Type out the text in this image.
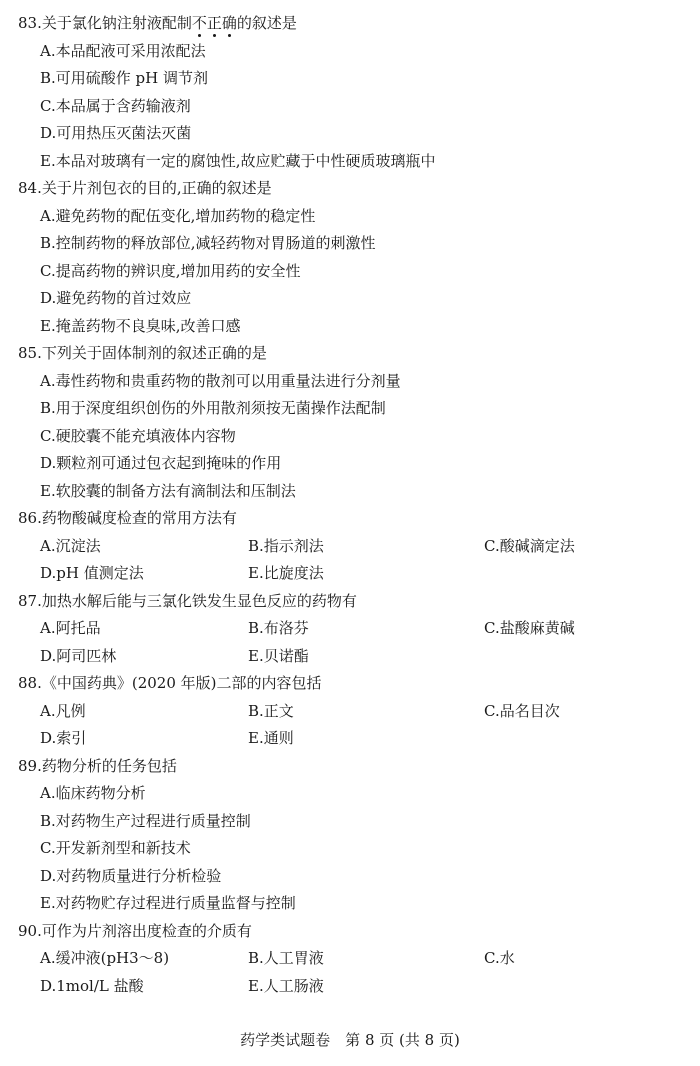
83.关于氯化钠注射液配制不正确的叙述是
A.本品配液可采用浓配法
B.可用硫酸作 pH 调节剂
C.本品属于含药输液剂
D.可用热压灭菌法灭菌
E.本品对玻璃有一定的腐蚀性,故应贮藏于中性硬质玻璃瓶中
84.关于片剂包衣的目的,正确的叙述是
A.避免药物的配伍变化,增加药物的稳定性
B.控制药物的释放部位,减轻药物对胃肠道的刺激性
C.提高药物的辨识度,增加用药的安全性
D.避免药物的首过效应
E.掩盖药物不良臭味,改善口感
85.下列关于固体制剂的叙述正确的是
A.毒性药物和贵重药物的散剂可以用重量法进行分剂量
B.用于深度组织创伤的外用散剂须按无菌操作法配制
C.硬胶囊不能充填液体内容物
D.颗粒剂可通过包衣起到掩味的作用
E.软胶囊的制备方法有滴制法和压制法
86.药物酸碱度检查的常用方法有
A.沉淀法	B.指示剂法	C.酸碱滴定法
D.pH 值测定法	E.比旋度法
87.加热水解后能与三氯化铁发生显色反应的药物有
A.阿托品	B.布洛芬	C.盐酸麻黄碱
D.阿司匹林	E.贝诺酯
88.《中国药典》(2020 年版)二部的内容包括
A.凡例	B.正文	C.品名目次
D.索引	E.通则
89.药物分析的任务包括
A.临床药物分析
B.对药物生产过程进行质量控制
C.开发新剂型和新技术
D.对药物质量进行分析检验
E.对药物贮存过程进行质量监督与控制
90.可作为片剂溶出度检查的介质有
A.缓冲液(pH3～8)	B.人工胃液	C.水
D.1mol/L 盐酸	E.人工肠液
药学类试题卷　第 8 页 (共 8 页)
